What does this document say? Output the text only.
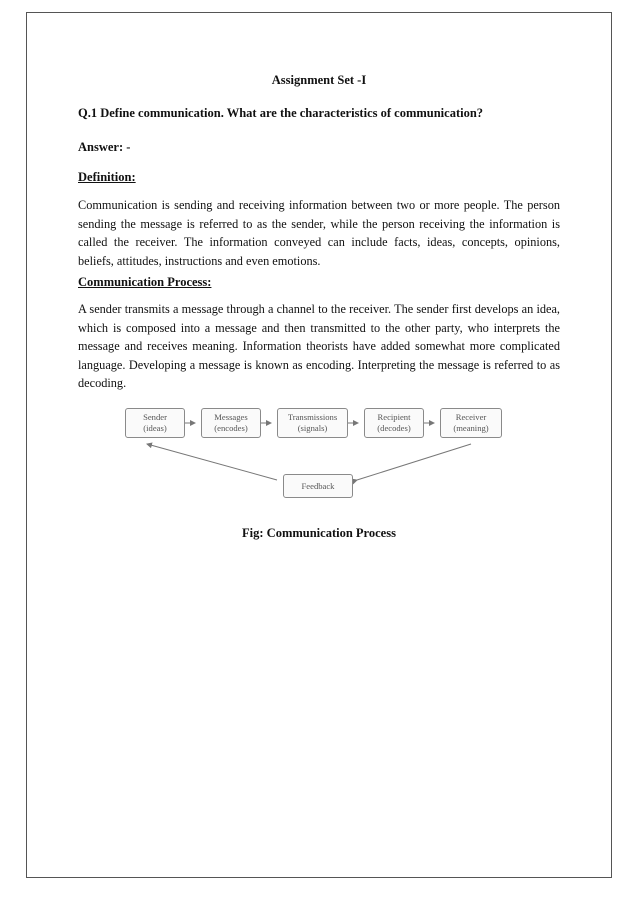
Assignment Set -I
Q.1 Define communication. What are the characteristics of communication?
Answer: -
Definition:
Communication is sending and receiving information between two or more people. The person sending the message is referred to as the sender, while the person receiving the information is called the receiver. The information conveyed can include facts, ideas, concepts, opinions, beliefs, attitudes, instructions and even emotions.
Communication Process:
A sender transmits a message through a channel to the receiver. The sender first develops an idea, which is composed into a message and then transmitted to the other party, who interprets the message and receives meaning. Information theorists have added somewhat more complicated language. Developing a message is known as encoding. Interpreting the message is referred to as decoding.
Sender
(ideas)
Messages
(encodes)
Transmissions
(signals)
Recipient
(decodes)
Receiver
(meaning)
Feedback
Fig: Communication Process
